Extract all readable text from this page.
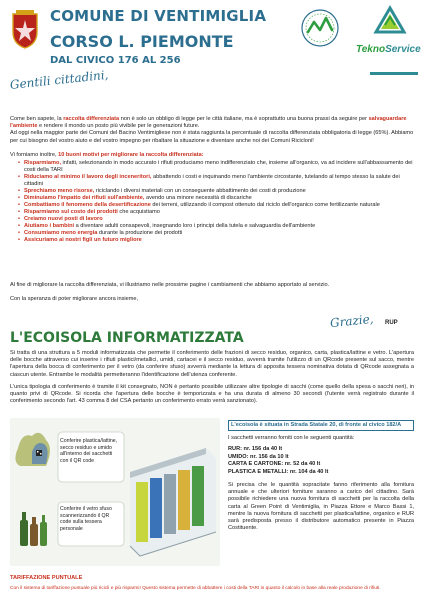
COMUNE DI VENTIMIGLIA
CORSO L. PIEMONTE
DAL CIVICO 176 AL 256
TeknoService
Gentili cittadini,
Come ben sapete, la raccolta differenziata non è solo un obbligo di legge per le città italiane, ma è soprattutto una buona prassi da seguire per salvaguardare l'ambiente e rendere il mondo un posto più vivibile per le generazioni future.
Ad oggi nella maggior parte dei Comuni del Bacino Ventimigliese non è stata raggiunta la percentuale di raccolta differenziata obbligatoria di legge (65%). Abbiamo per cui bisogno del vostro aiuto e del vostro impegno per ribaltare la situazione e diventare anche noi dei Comuni Ricicloni!
Vi forniamo inoltre, 10 buoni motivi per migliorare la raccolta differenziata:
• Risparmiamo, infatti, selezionando in modo accurato i rifiuti produciamo meno indifferenziato che, insieme all'organico, va ad incidere sull'abbassamento dei costi della TARI
• Riduciamo al minimo il lavoro degli inceneritori, abbattendo i costi e inquinando meno l'ambiente circostante, tutelando al tempo stesso la salute dei cittadini
• Sprechiamo meno risorse, riciclando i diversi materiali con un conseguente abbattimento dei costi di produzione
• Diminuiamo l'impatto dei rifiuti sull'ambiente, avendo una minore necessità di discariche
• Combattiamo il fenomeno della desertificazione dei terreni, utilizzando il compost ottenuto dal riciclo dell'organico come fertilizzante naturale
• Risparmiamo sul costo dei prodotti che acquistiamo
• Creiamo nuovi posti di lavoro
• Aiutiamo i bambini a diventare adulti consapevoli, insegnando loro i principi della tutela e salvaguardia dell'ambiente
• Consumiamo meno energia durante la produzione dei prodotti
• Assicuriamo ai nostri figli un futuro migliore
Al fine di migliorare la raccolta differenziata, vi illustriamo nelle prossime pagine i cambiamenti che abbiamo apportato al servizio.
Con la speranza di poter migliorare ancora insieme,
Grazie, RUP
L'ECOISOLA INFORMATIZZATA
Si tratta di una struttura a 5 moduli informatizzata che permette il conferimento delle frazioni di secco residuo, organico, carta, plastica/lattine e vetro. L'apertura delle bocche attraverso cui inserire i rifiuti plastici/metallici, umidi, cartacei e il secco residuo, avverrà tramite l'utilizzo di un QRcode presente sul sacco, mentre l'apertura della bocca di conferimento per il vetro (da conferire sfuso) avverrà mediante la lettura di apposita tessera nominativa dotata di QRcode assegnata a ciascun utente. Entrambe le modalità permetteranno l'identificazione dell'utenza conferente.
L'unica tipologia di conferimento è tramite il kit consegnato, NON è pertanto possibile utilizzare altre tipologie di sacchi (come quello della spesa o sacchi neri), in quanto privi di QRcode. Si ricorda che l'apertura delle bocche è temporizzata e ha una durata di almeno 30 secondi (l'utente verrà registrato durante il conferimento secondo l'art. 43 comma 8 del CSA pertanto un conferimento errato verrà sanzionato).
Conferire plastica/lattine, secco residuo e umido all'interno dei sacchetti con il QR code
Conferire il vetro sfuso scannerizzando il QR code sulla tessera personale
L'ecoisola è situata in Strada Statale 20, di fronte al civico 182/A
I sacchetti verranno forniti con le seguenti quantità:
RUR: nr. 156 da 40 lt
UMIDO: nr. 156 da 10 lt
CARTA E CARTONE: nr. 52 da 40 lt
PLASTICA E METALLI: nr. 104 da 40 lt
Si precisa che le quantità sopracitate fanno riferimento alla fornitura annuale e che ulteriori forniture saranno a carico del cittadino. Sarà possibile richiedere una nuova fornitura di sacchetti per la raccolta della carta al Green Point di Ventimiglia, in Piazza Ettore e Marco Bassi 1, mentre la nuova fornitura di sacchetti per plastica/lattine, organico e RUR sarà predisposta presso il distributore automatico presente in Piazza Costituente.
TARIFFAZIONE PUNTUALE
Con il sistema di tariffazione puntuale più ricicli e più risparmi! Questo sistema permette di abbattere i costi della TARI in quanto il calcolo in base alla reale produzione di rifiuti.
